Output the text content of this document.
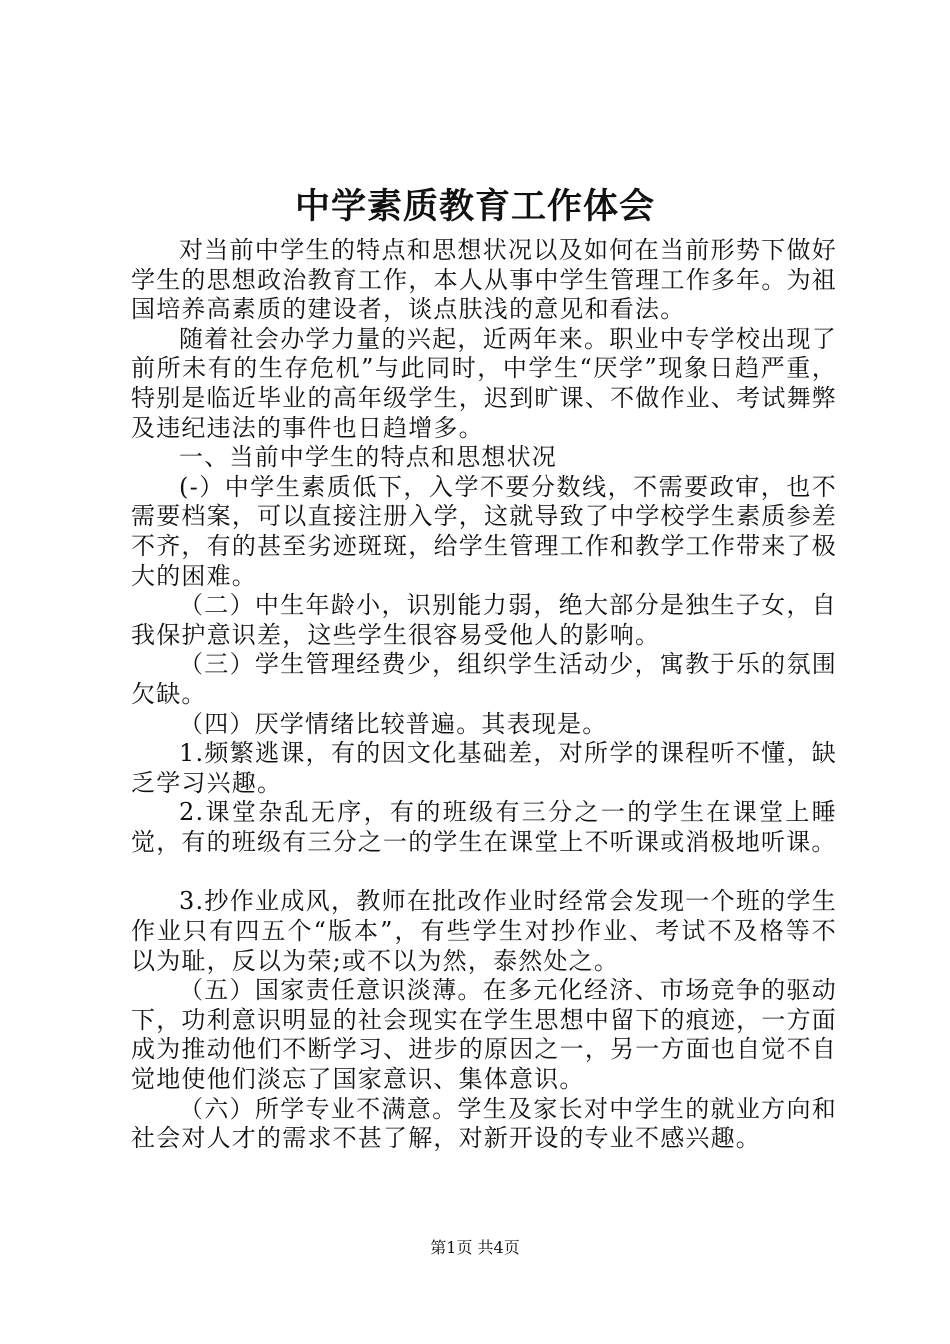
中学素质教育工作体会

对当前中学生的特点和思想状况以及如何在当前形势下做好学生的思想政治教育工作，本人从事中学生管理工作多年。为祖国培养高素质的建设者，谈点肤浅的意见和看法。

随着社会办学力量的兴起，近两年来。职业中专学校出现了前所未有的生存危机”与此同时，中学生“厌学”现象日趋严重，特别是临近毕业的高年级学生，迟到旷课、不做作业、考试舞弊及违纪违法的事件也日趋增多。

一、当前中学生的特点和思想状况

(-）中学生素质低下，入学不要分数线，不需要政审，也不需要档案，可以直接注册入学，这就导致了中学校学生素质参差不齐，有的甚至劣迹斑斑，给学生管理工作和教学工作带来了极大的困难。

（二）中生年龄小，识别能力弱，绝大部分是独生子女，自我保护意识差，这些学生很容易受他人的影响。

（三）学生管理经费少，组织学生活动少，寓教于乐的氛围欠缺。

（四）厌学情绪比较普遍。其表现是。

1.频繁逃课，有的因文化基础差，对所学的课程听不懂，缺乏学习兴趣。

2.课堂杂乱无序，有的班级有三分之一的学生在课堂上睡觉，有的班级有三分之一的学生在课堂上不听课或消极地听课。

3.抄作业成风，教师在批改作业时经常会发现一个班的学生作业只有四五个“版本”，有些学生对抄作业、考试不及格等不以为耻，反以为荣;或不以为然，泰然处之。

（五）国家责任意识淡薄。在多元化经济、市场竞争的驱动下，功利意识明显的社会现实在学生思想中留下的痕迹，一方面成为推动他们不断学习、进步的原因之一，另一方面也自觉不自觉地使他们淡忘了国家意识、集体意识。

（六）所学专业不满意。学生及家长对中学生的就业方向和社会对人才的需求不甚了解，对新开设的专业不感兴趣。

第1页 共4页
